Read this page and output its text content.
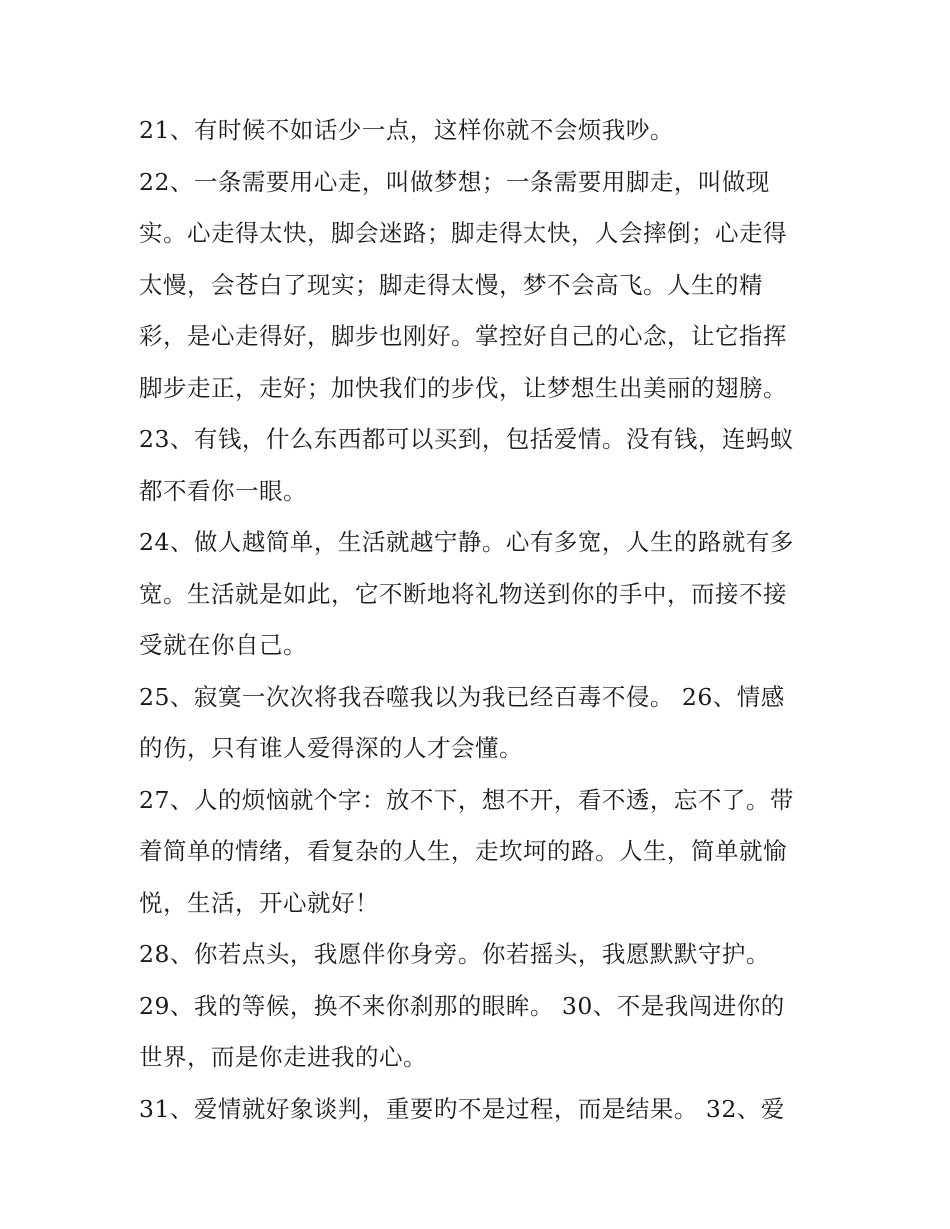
21、有时候不如话少一点，这样你就不会烦我吵。
22、一条需要用心走，叫做梦想；一条需要用脚走，叫做现
实。心走得太快，脚会迷路；脚走得太快，人会摔倒；心走得
太慢，会苍白了现实；脚走得太慢，梦不会高飞。人生的精
彩，是心走得好，脚步也刚好。掌控好自己的心念，让它指挥
脚步走正，走好；加快我们的步伐，让梦想生出美丽的翅膀。
23、有钱，什么东西都可以买到，包括爱情。没有钱，连蚂蚁
都不看你一眼。
24、做人越简单，生活就越宁静。心有多宽，人生的路就有多
宽。生活就是如此，它不断地将礼物送到你的手中，而接不接
受就在你自己。
25、寂寞一次次将我吞噬我以为我已经百毒不侵。 26、情感
的伤，只有谁人爱得深的人才会懂。
27、人的烦恼就个字：放不下，想不开，看不透，忘不了。带
着简单的情绪，看复杂的人生，走坎坷的路。人生，简单就愉
悦，生活，开心就好！
28、你若点头，我愿伴你身旁。你若摇头，我愿默默守护。
29、我的等候，换不来你刹那的眼眸。 30、不是我闯进你的
世界，而是你走进我的心。
31、爱情就好象谈判，重要旳不是过程，而是结果。 32、爱
